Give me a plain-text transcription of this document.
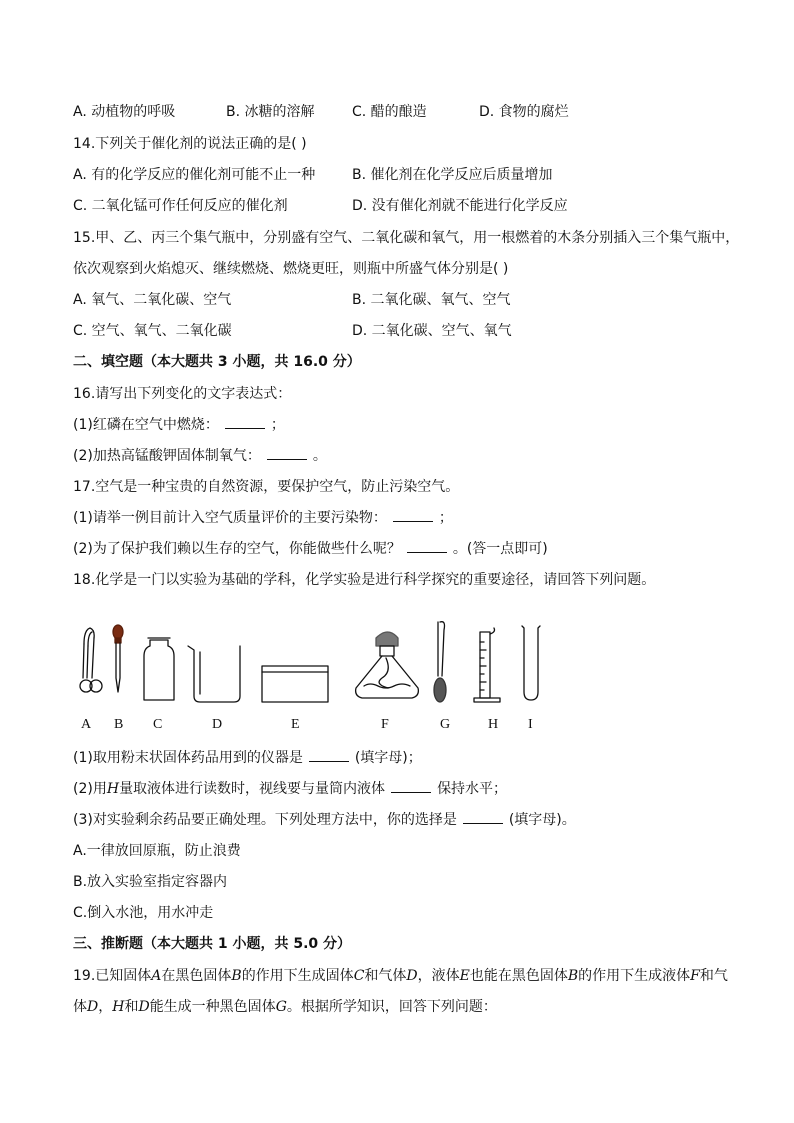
A. 动植物的呼吸	B. 冰糖的溶解	C. 醋的酿造	D. 食物的腐烂
14.下列关于催化剂的说法正确的是( )
A. 有的化学反应的催化剂可能不止一种	B. 催化剂在化学反应后质量增加
C. 二氧化锰可作任何反应的催化剂	D. 没有催化剂就不能进行化学反应
15.甲、乙、丙三个集气瓶中，分别盛有空气、二氧化碳和氧气，用一根燃着的木条分别插入三个集气瓶中，
依次观察到火焰熄灭、继续燃烧、燃烧更旺，则瓶中所盛气体分别是( )
A. 氧气、二氧化碳、空气	B. 二氧化碳、氧气、空气
C. 空气、氧气、二氧化碳	D. 二氧化碳、空气、氧气
二、填空题（本大题共 3 小题，共 16.0 分）
16.请写出下列变化的文字表达式：
(1)红磷在空气中燃烧：	；
(2)加热高锰酸钾固体制氧气：	。
17.空气是一种宝贵的自然资源，要保护空气，防止污染空气。
(1)请举一例目前计入空气质量评价的主要污染物：	；
(2)为了保护我们赖以生存的空气，你能做些什么呢？	。(答一点即可)
18.化学是一门以实验为基础的学科，化学实验是进行科学探究的重要途径，请回答下列问题。
A B C	D	E	F	G	H I
(1)取用粉末状固体药品用到的仪器是	(填字母)；
(2)用H量取液体进行读数时，视线要与量筒内液体	保持水平；
(3)对实验剩余药品要正确处理。下列处理方法中，你的选择是	(填字母)。
A.一律放回原瓶，防止浪费
B.放入实验室指定容器内
C.倒入水池，用水冲走
三、推断题（本大题共 1 小题，共 5.0 分）
19.已知固体A在黑色固体B的作用下生成固体C和气体D，液体E也能在黑色固体B的作用下生成液体F和气
体D，H和D能生成一种黑色固体G。根据所学知识，回答下列问题：
